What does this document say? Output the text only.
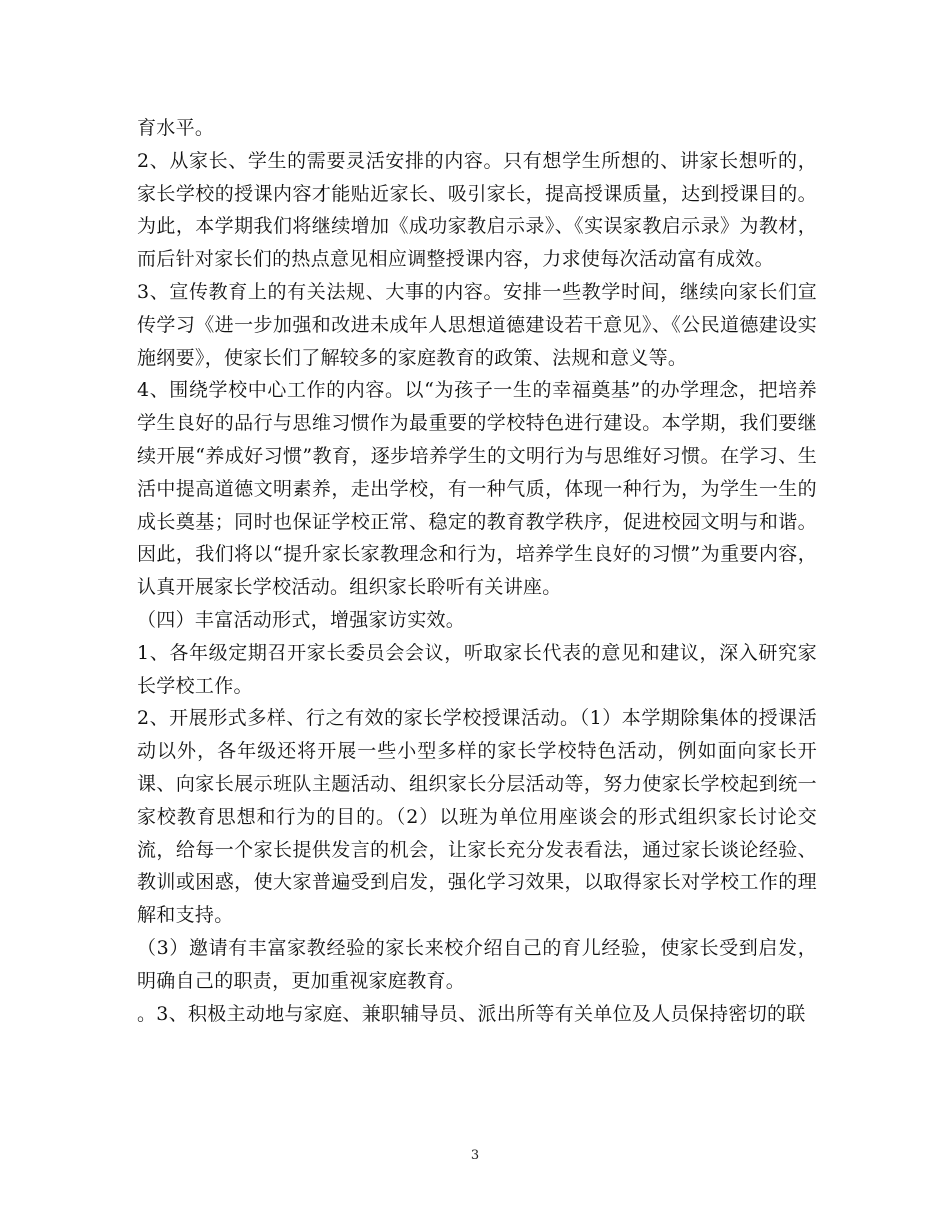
育水平。

2、从家长、学生的需要灵活安排的内容。只有想学生所想的、讲家长想听的，家长学校的授课内容才能贴近家长、吸引家长，提高授课质量，达到授课目的。为此，本学期我们将继续增加《成功家教启示录》、《实误家教启示录》为教材，而后针对家长们的热点意见相应调整授课内容，力求使每次活动富有成效。

3、宣传教育上的有关法规、大事的内容。安排一些教学时间，继续向家长们宣传学习《进一步加强和改进未成年人思想道德建设若干意见》、《公民道德建设实施纲要》，使家长们了解较多的家庭教育的政策、法规和意义等。

4、围绕学校中心工作的内容。以“为孩子一生的幸福奠基”的办学理念，把培养学生良好的品行与思维习惯作为最重要的学校特色进行建设。本学期，我们要继续开展“养成好习惯”教育，逐步培养学生的文明行为与思维好习惯。在学习、生活中提高道德文明素养，走出学校，有一种气质，体现一种行为，为学生一生的成长奠基；同时也保证学校正常、稳定的教育教学秩序，促进校园文明与和谐。因此，我们将以“提升家长家教理念和行为，培养学生良好的习惯”为重要内容，认真开展家长学校活动。组织家长聆听有关讲座。

（四）丰富活动形式，增强家访实效。

1、各年级定期召开家长委员会会议，听取家长代表的意见和建议，深入研究家长学校工作。

2、开展形式多样、行之有效的家长学校授课活动。（1）本学期除集体的授课活动以外，各年级还将开展一些小型多样的家长学校特色活动，例如面向家长开课、向家长展示班队主题活动、组织家长分层活动等，努力使家长学校起到统一家校教育思想和行为的目的。（2）以班为单位用座谈会的形式组织家长讨论交流，给每一个家长提供发言的机会，让家长充分发表看法，通过家长谈论经验、教训或困惑，使大家普遍受到启发，强化学习效果，以取得家长对学校工作的理解和支持。

（3）邀请有丰富家教经验的家长来校介绍自己的育儿经验，使家长受到启发，明确自己的职责，更加重视家庭教育。

。3、积极主动地与家庭、兼职辅导员、派出所等有关单位及人员保持密切的联

3
